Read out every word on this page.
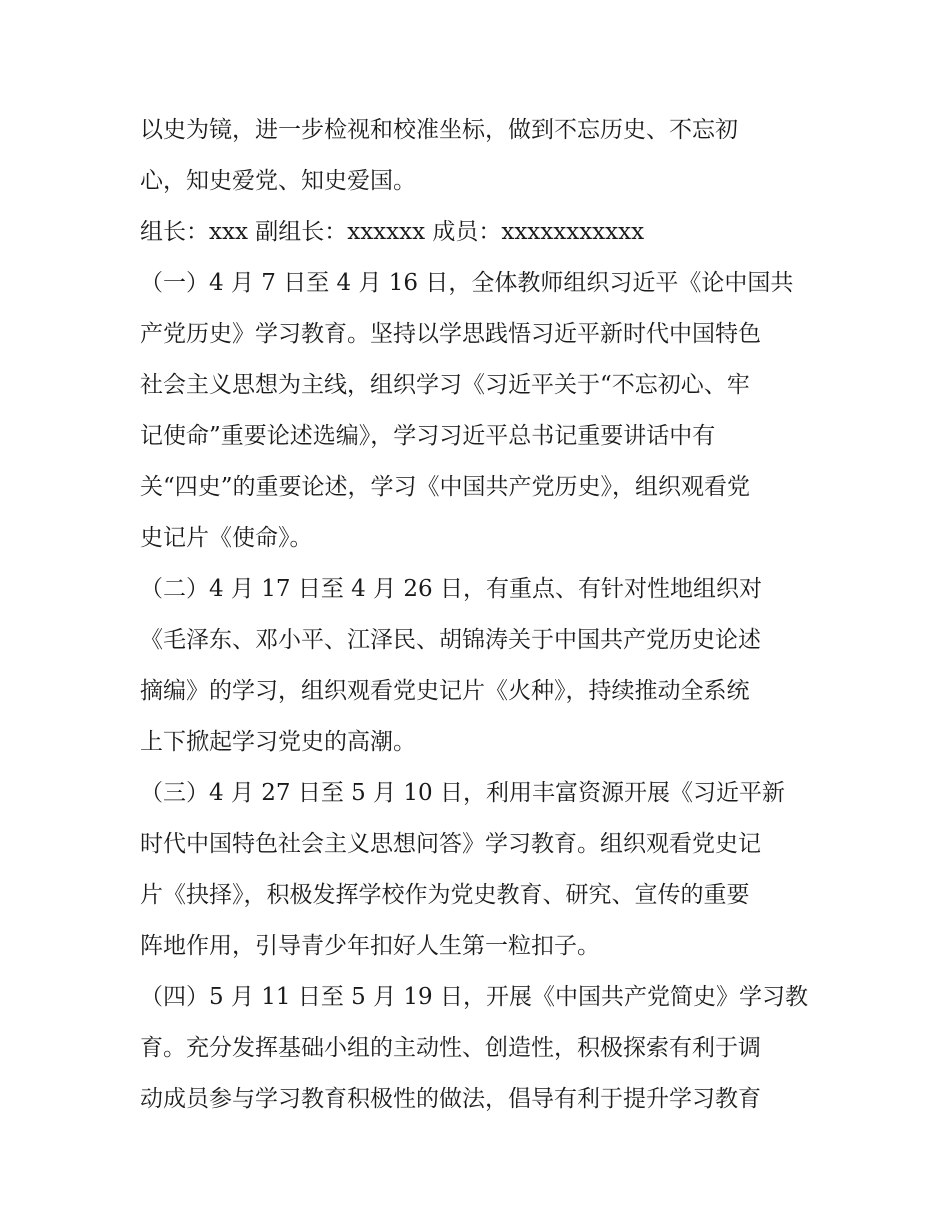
以史为镜，进一步检视和校准坐标，做到不忘历史、不忘初
心，知史爱党、知史爱国。

组长：xxx 副组长：xxxxxx 成员：xxxxxxxxxxx

（一）4 月 7 日至 4 月 16 日，全体教师组织习近平《论中国共
产党历史》学习教育。坚持以学思践悟习近平新时代中国特色
社会主义思想为主线，组织学习《习近平关于“不忘初心、牢
记使命”重要论述选编》，学习习近平总书记重要讲话中有
关“四史”的重要论述，学习《中国共产党历史》，组织观看党
史记片《使命》。

（二）4 月 17 日至 4 月 26 日，有重点、有针对性地组织对
《毛泽东、邓小平、江泽民、胡锦涛关于中国共产党历史论述
摘编》的学习，组织观看党史记片《火种》，持续推动全系统
上下掀起学习党史的高潮。

（三）4 月 27 日至 5 月 10 日，利用丰富资源开展《习近平新
时代中国特色社会主义思想问答》学习教育。组织观看党史记
片《抉择》，积极发挥学校作为党史教育、研究、宣传的重要
阵地作用，引导青少年扣好人生第一粒扣子。

（四）5 月 11 日至 5 月 19 日，开展《中国共产党简史》学习教
育。充分发挥基础小组的主动性、创造性，积极探索有利于调
动成员参与学习教育积极性的做法，倡导有利于提升学习教育
